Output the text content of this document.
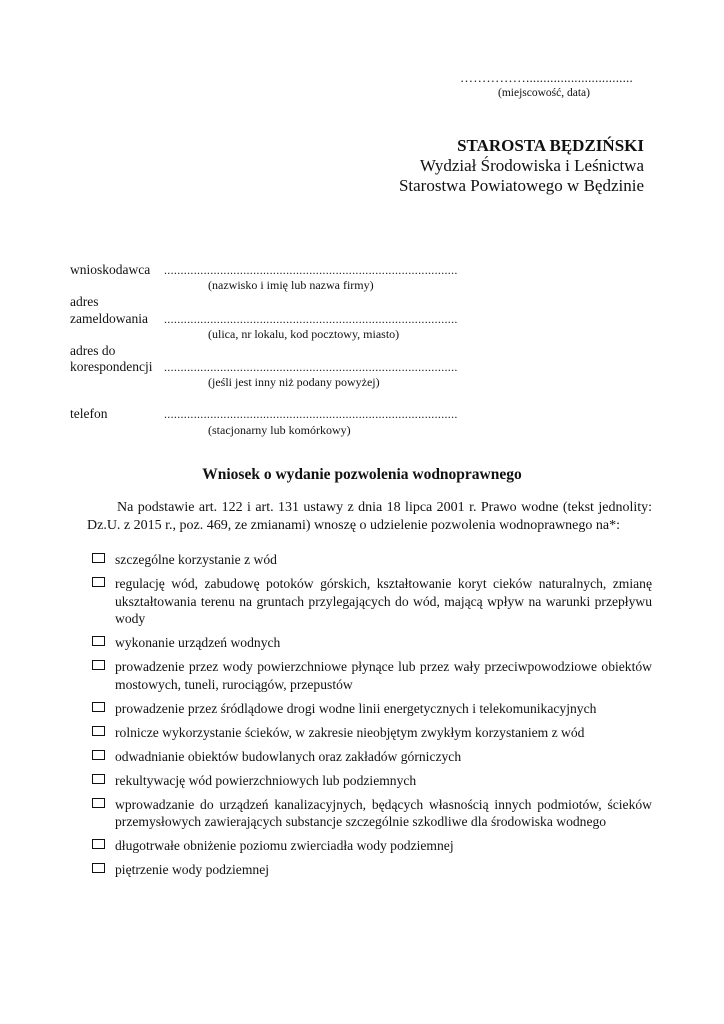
……………...............................
(miejscowość, data)
STAROSTA BĘDZIŃSKI
Wydział Środowiska i Leśnictwa
Starostwa Powiatowego w Będzinie
wnioskodawca .........................................................................................
(nazwisko i imię lub nazwa firmy)
adres
zameldowania .........................................................................................
(ulica, nr lokalu, kod pocztowy, miasto)
adres do
korespondencji .........................................................................................
(jeśli jest inny niż podany powyżej)
telefon	.........................................................................................
(stacjonarny lub komórkowy)
Wniosek o wydanie pozwolenia wodnoprawnego
Na podstawie art. 122 i art. 131 ustawy z dnia 18 lipca 2001 r. Prawo wodne (tekst jednolity: Dz.U. z 2015 r., poz. 469, ze zmianami) wnoszę o udzielenie pozwolenia wodnoprawnego na*:
szczególne korzystanie z wód
regulację wód, zabudowę potoków górskich, kształtowanie koryt cieków naturalnych, zmianę ukształtowania terenu na gruntach przylegających do wód, mającą wpływ na warunki przepływu wody
wykonanie urządzeń wodnych
prowadzenie przez wody powierzchniowe płynące lub przez wały przeciwpowodziowe obiektów mostowych, tuneli, rurociągów, przepustów
prowadzenie przez śródlądowe drogi wodne linii energetycznych i telekomunikacyjnych
rolnicze wykorzystanie ścieków, w zakresie nieobjętym zwykłym korzystaniem z wód
odwadnianie obiektów budowlanych oraz zakładów górniczych
rekultywację wód powierzchniowych lub podziemnych
wprowadzanie do urządzeń kanalizacyjnych, będących własnością innych podmiotów, ścieków przemysłowych zawierających substancje szczególnie szkodliwe dla środowiska wodnego
długotrwałe obniżenie poziomu zwierciadła wody podziemnej
piętrzenie wody podziemnej
